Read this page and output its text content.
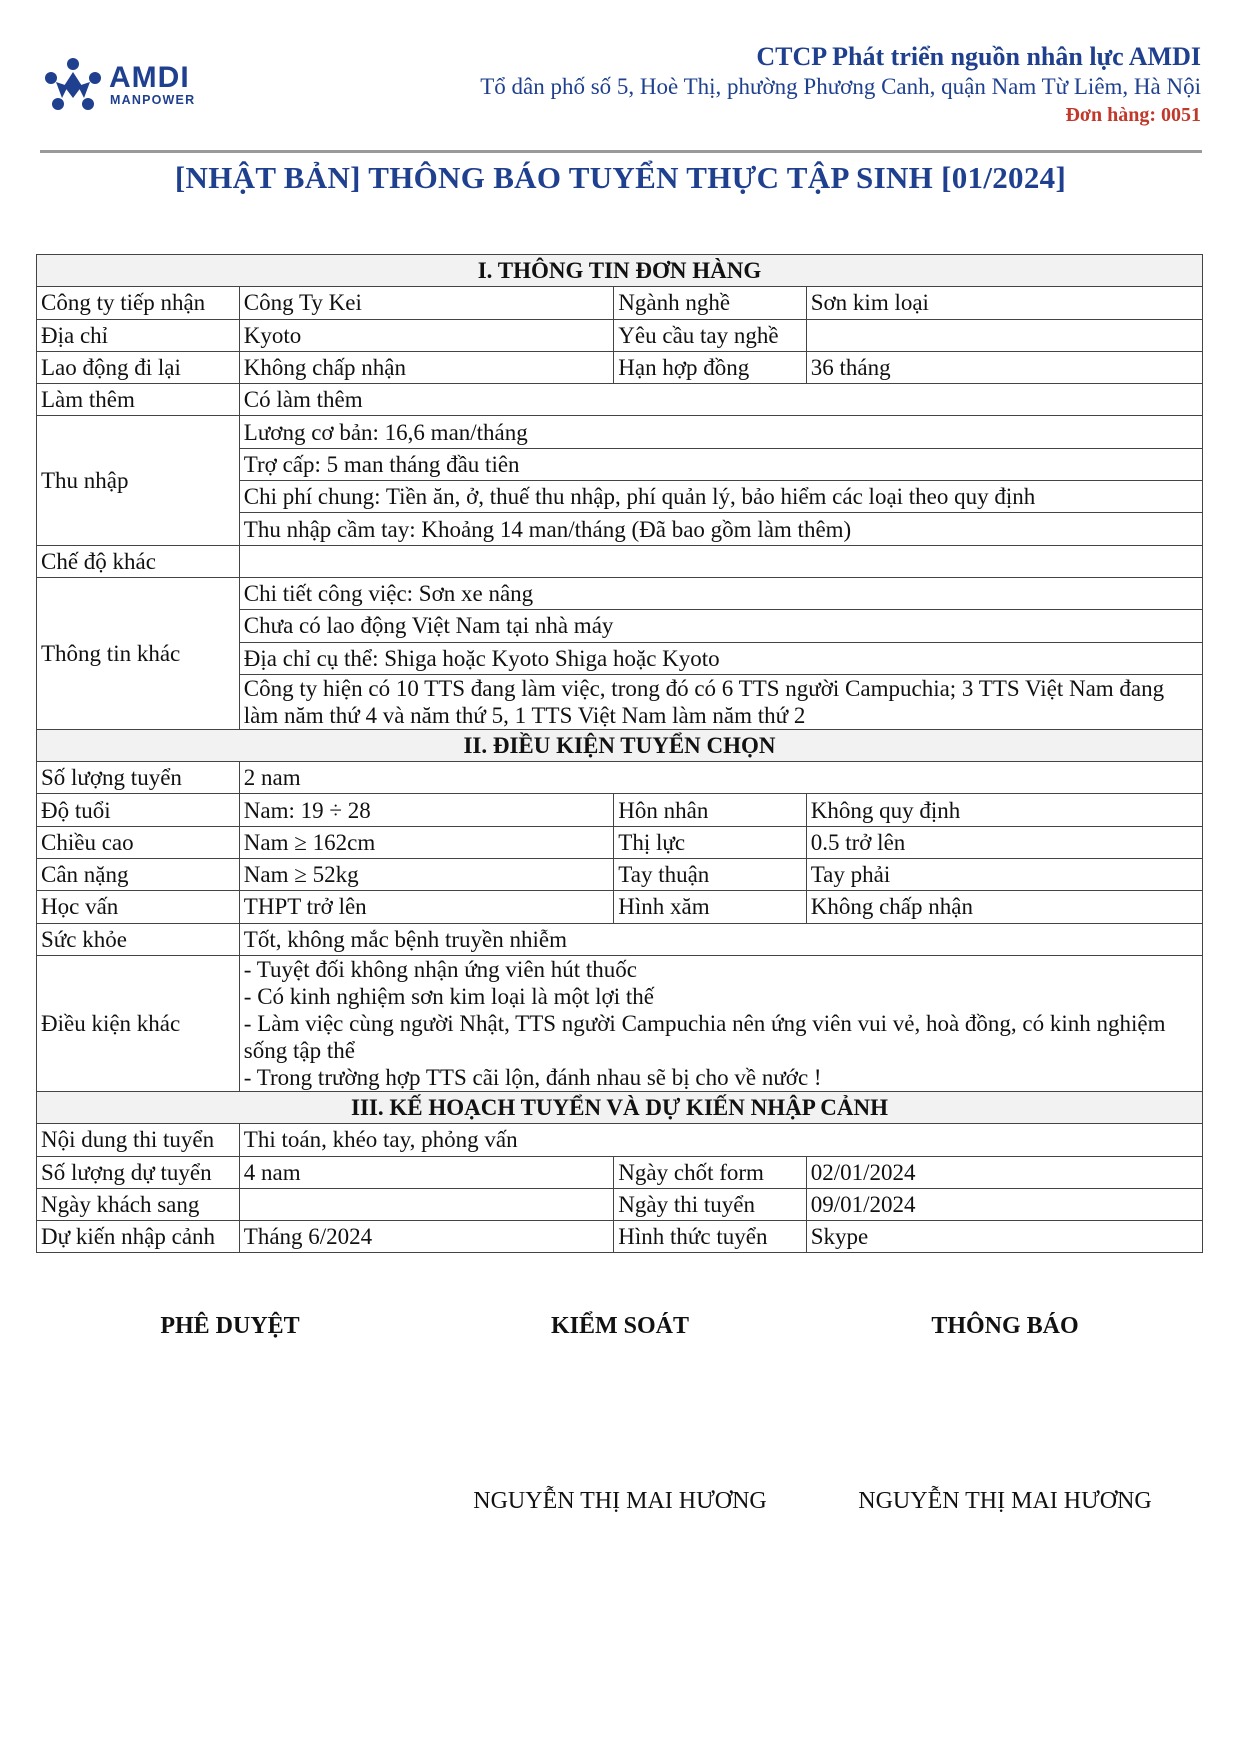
AMDI
MANPOWER
CTCP Phát triển nguồn nhân lực AMDI
Tổ dân phố số 5, Hoè Thị, phường Phương Canh, quận Nam Từ Liêm, Hà Nội
Đơn hàng: 0051
[NHẬT BẢN] THÔNG BÁO TUYỂN THỰC TẬP SINH [01/2024]
I. THÔNG TIN ĐƠN HÀNG			
Công ty tiếp nhận	Công Ty Kei	Ngành nghề	Sơn kim loại
Địa chỉ	Kyoto	Yêu cầu tay nghề	
Lao động đi lại	Không chấp nhận	Hạn hợp đồng	36 tháng
Làm thêm	Có làm thêm		
Thu nhập	Lương cơ bản: 16,6 man/tháng		
	Trợ cấp: 5 man tháng đầu tiên		
	Chi phí chung: Tiền ăn, ở, thuế thu nhập, phí quản lý, bảo hiểm các loại theo quy định		
	Thu nhập cầm tay: Khoảng 14 man/tháng (Đã bao gồm làm thêm)		
Chế độ khác			
Thông tin khác	Chi tiết công việc: Sơn xe nâng		
	Chưa có lao động Việt Nam tại nhà máy		
	Địa chỉ cụ thể: Shiga hoặc Kyoto Shiga hoặc Kyoto		
	Công ty hiện có 10 TTS đang làm việc, trong đó có 6 TTS người Campuchia; 3 TTS Việt Nam đang làm năm thứ 4 và năm thứ 5, 1 TTS Việt Nam làm năm thứ 2		
II. ĐIỀU KIỆN TUYỂN CHỌN			
Số lượng tuyển	2 nam		
Độ tuổi	Nam: 19 ÷ 28	Hôn nhân	Không quy định
Chiều cao	Nam ≥ 162cm	Thị lực	0.5 trở lên
Cân nặng	Nam ≥ 52kg	Tay thuận	Tay phải
Học vấn	THPT trở lên	Hình xăm	Không chấp nhận
Sức khỏe	Tốt, không mắc bệnh truyền nhiễm		
Điều kiện khác	- Tuyệt đối không nhận ứng viên hút thuốc
- Có kinh nghiệm sơn kim loại là một lợi thế
- Làm việc cùng người Nhật, TTS người Campuchia nên ứng viên vui vẻ, hoà đồng, có kinh nghiệm sống tập thể
- Trong trường hợp TTS cãi lộn, đánh nhau sẽ bị cho về nước !		

III. KẾ HOẠCH TUYỂN VÀ DỰ KIẾN NHẬP CẢNH			
Nội dung thi tuyển	Thi toán, khéo tay, phỏng vấn		
Số lượng dự tuyển	4 nam	Ngày chốt form	02/01/2024
Ngày khách sang		Ngày thi tuyển	09/01/2024
Dự kiến nhập cảnh	Tháng 6/2024	Hình thức tuyển	Skype
PHÊ DUYỆT	KIỂM SOÁT	THÔNG BÁO
NGUYỄN THỊ MAI HƯƠNG	NGUYỄN THỊ MAI HƯƠNG
